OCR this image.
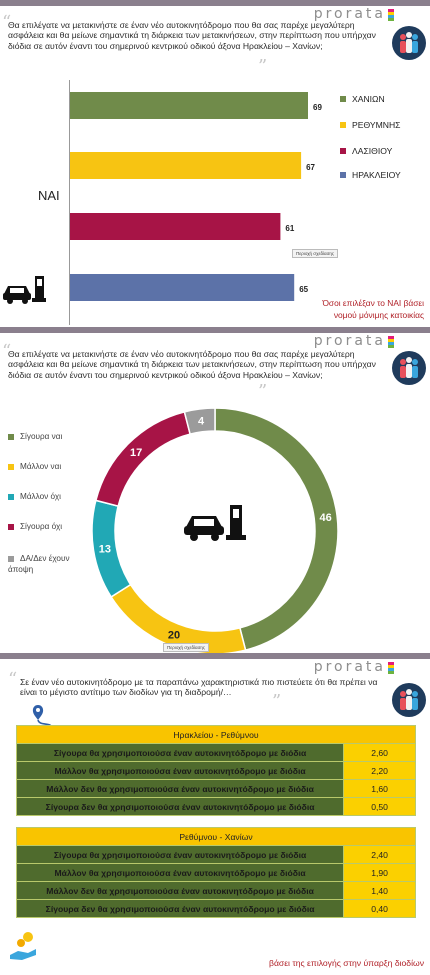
prorata
“
Θα επιλέγατε να μετακινήστε σε έναν νέο αυτοκινητόδρομο που θα σας παρέχε μεγαλύτερη ασφάλεια και θα μείωνε σημαντικά τη διάρκεια των μετακινήσεων, στην περίπτωση που υπήρχαν διόδια σε αυτόν έναντι του σημερινού κεντρικού οδικού άξονα Ηρακλείου – Χανίων;
”
ΝΑΙ
69
67
61
65
ΧΑΝΙΩΝ
ΡΕΘΥΜΝΗΣ
ΛΑΣΙΘΙΟΥ
ΗΡΑΚΛΕΙΟΥ
Περιοχή σχεδίασης
Όσοι επιλέξαν το ΝΑΙ βάσει
νομού μόνιμης κατοικίας
prorata
“
Θα επιλέγατε να μετακινήστε σε έναν νέο αυτοκινητόδρομο που θα σας παρέχε μεγαλύτερη ασφάλεια και θα μείωνε σημαντικά τη διάρκεια των μετακινήσεων, στην περίπτωση που υπήρχαν διόδια σε αυτόν έναντι του σημερινού κεντρικού οδικού άξονα Ηρακλείου – Χανίων;
”
46
20
13
17
4
Σίγουρα ναι
Μάλλον ναι
Μάλλον όχι
Σίγουρα όχι
ΔΑ/Δεν έχουν άποψη
Περιοχή σχεδίασης
prorata
“ Σε έναν νέο αυτοκινητόδρομο με τα παραπάνω χαρακτηριστικά πιο πιστεύετε ότι θα πρέπει να είναι το μέγιστο αντίτιμο των διοδίων για τη διαδρομή/…	”
Ηρακλείου - Ρεθύμνου	
Σίγουρα θα χρησιμοποιούσα έναν αυτοκινητόδρομο με διόδια	2,60
Μάλλον θα χρησιμοποιούσα έναν αυτοκινητόδρομο με διόδια	2,20
Μάλλον δεν θα χρησιμοποιούσα έναν αυτοκινητόδρομο με διόδια	1,60
Σίγουρα δεν θα χρησιμοποιούσα έναν αυτοκινητόδρομο με διόδια	0,50
Ρεθύμνου - Χανίων	
Σίγουρα θα χρησιμοποιούσα έναν αυτοκινητόδρομο με διόδια	2,40
Μάλλον θα χρησιμοποιούσα έναν αυτοκινητόδρομο με διόδια	1,90
Μάλλον δεν θα χρησιμοποιούσα έναν αυτοκινητόδρομο με διόδια	1,40
Σίγουρα δεν θα χρησιμοποιούσα έναν αυτοκινητόδρομο με διόδια	0,40
βάσει της επιλογής στην ύπαρξη διοδίων
